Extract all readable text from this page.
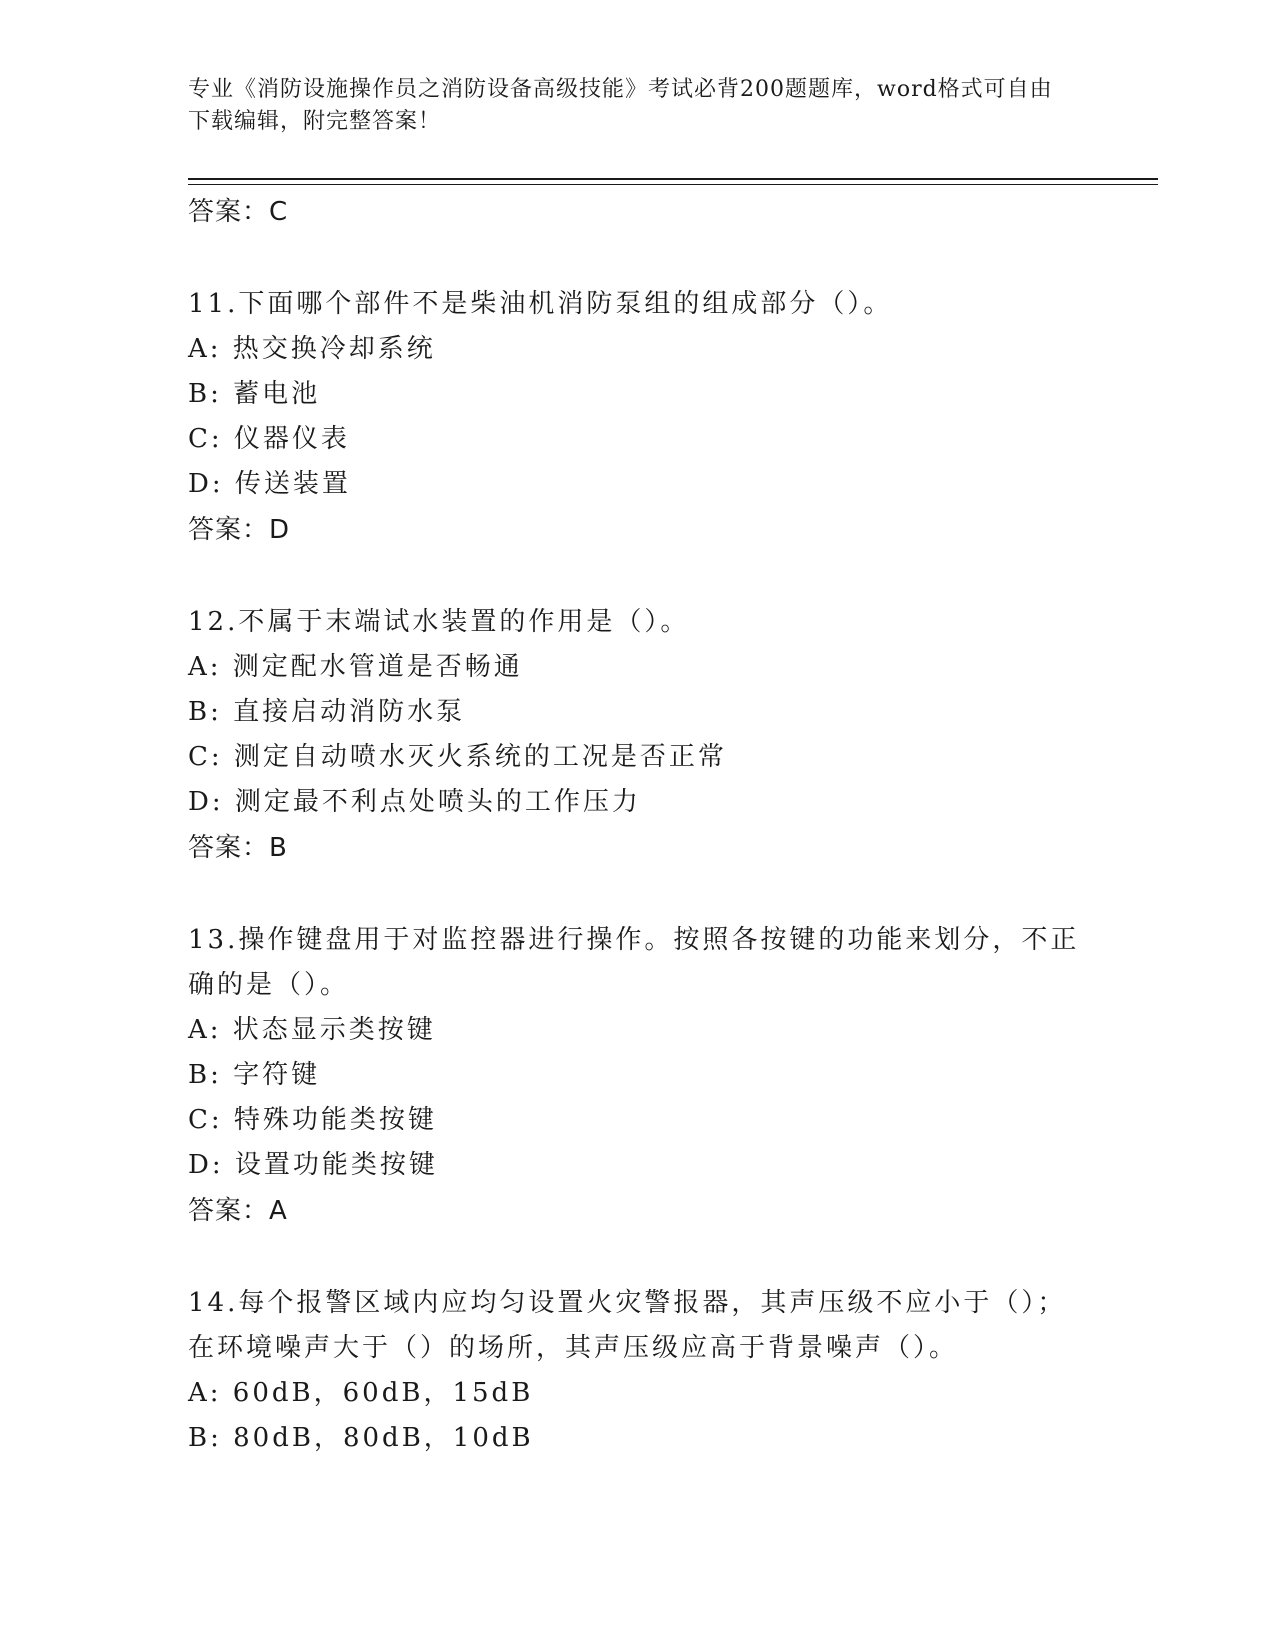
专业《消防设施操作员之消防设备高级技能》考试必背200题题库，word格式可自由下载编辑，附完整答案！
答案：C
11.下面哪个部件不是柴油机消防泵组的组成部分（）。
A: 热交换冷却系统
B: 蓄电池
C: 仪器仪表
D: 传送装置
答案：D
12.不属于末端试水装置的作用是（）。
A: 测定配水管道是否畅通
B: 直接启动消防水泵
C: 测定自动喷水灭火系统的工况是否正常
D: 测定最不利点处喷头的工作压力
答案：B
13.操作键盘用于对监控器进行操作。按照各按键的功能来划分，不正确的是（）。
A: 状态显示类按键
B: 字符键
C: 特殊功能类按键
D: 设置功能类按键
答案：A
14.每个报警区域内应均匀设置火灾警报器，其声压级不应小于（）；在环境噪声大于（）的场所，其声压级应高于背景噪声（）。
A: 60dB，60dB，15dB
B: 80dB，80dB，10dB
